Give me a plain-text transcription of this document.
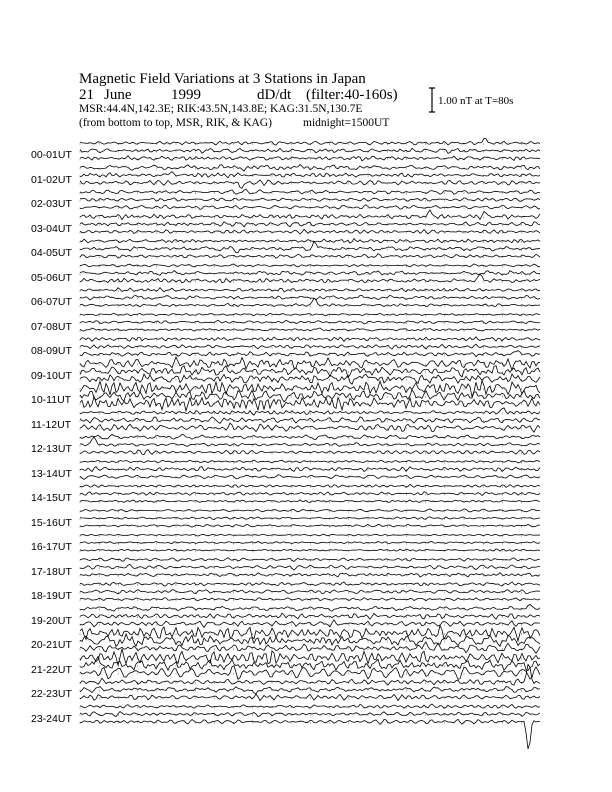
Magnetic Field Variations at 3 Stations in Japan
21 June	1999	dD/dt (filter:40-160s)
MSR:44.4N,142.3E; RIK:43.5N,143.8E; KAG:31.5N,130.7E
(from bottom to top, MSR, RIK, & KAG)	midnight=1500UT
1.00 nT at T=80s
00-01UT
01-02UT
02-03UT
03-04UT
04-05UT
05-06UT
06-07UT
07-08UT
08-09UT
09-10UT
10-11UT
11-12UT
12-13UT
13-14UT
14-15UT
15-16UT
16-17UT
17-18UT
18-19UT
19-20UT
20-21UT
21-22UT
22-23UT
23-24UT
